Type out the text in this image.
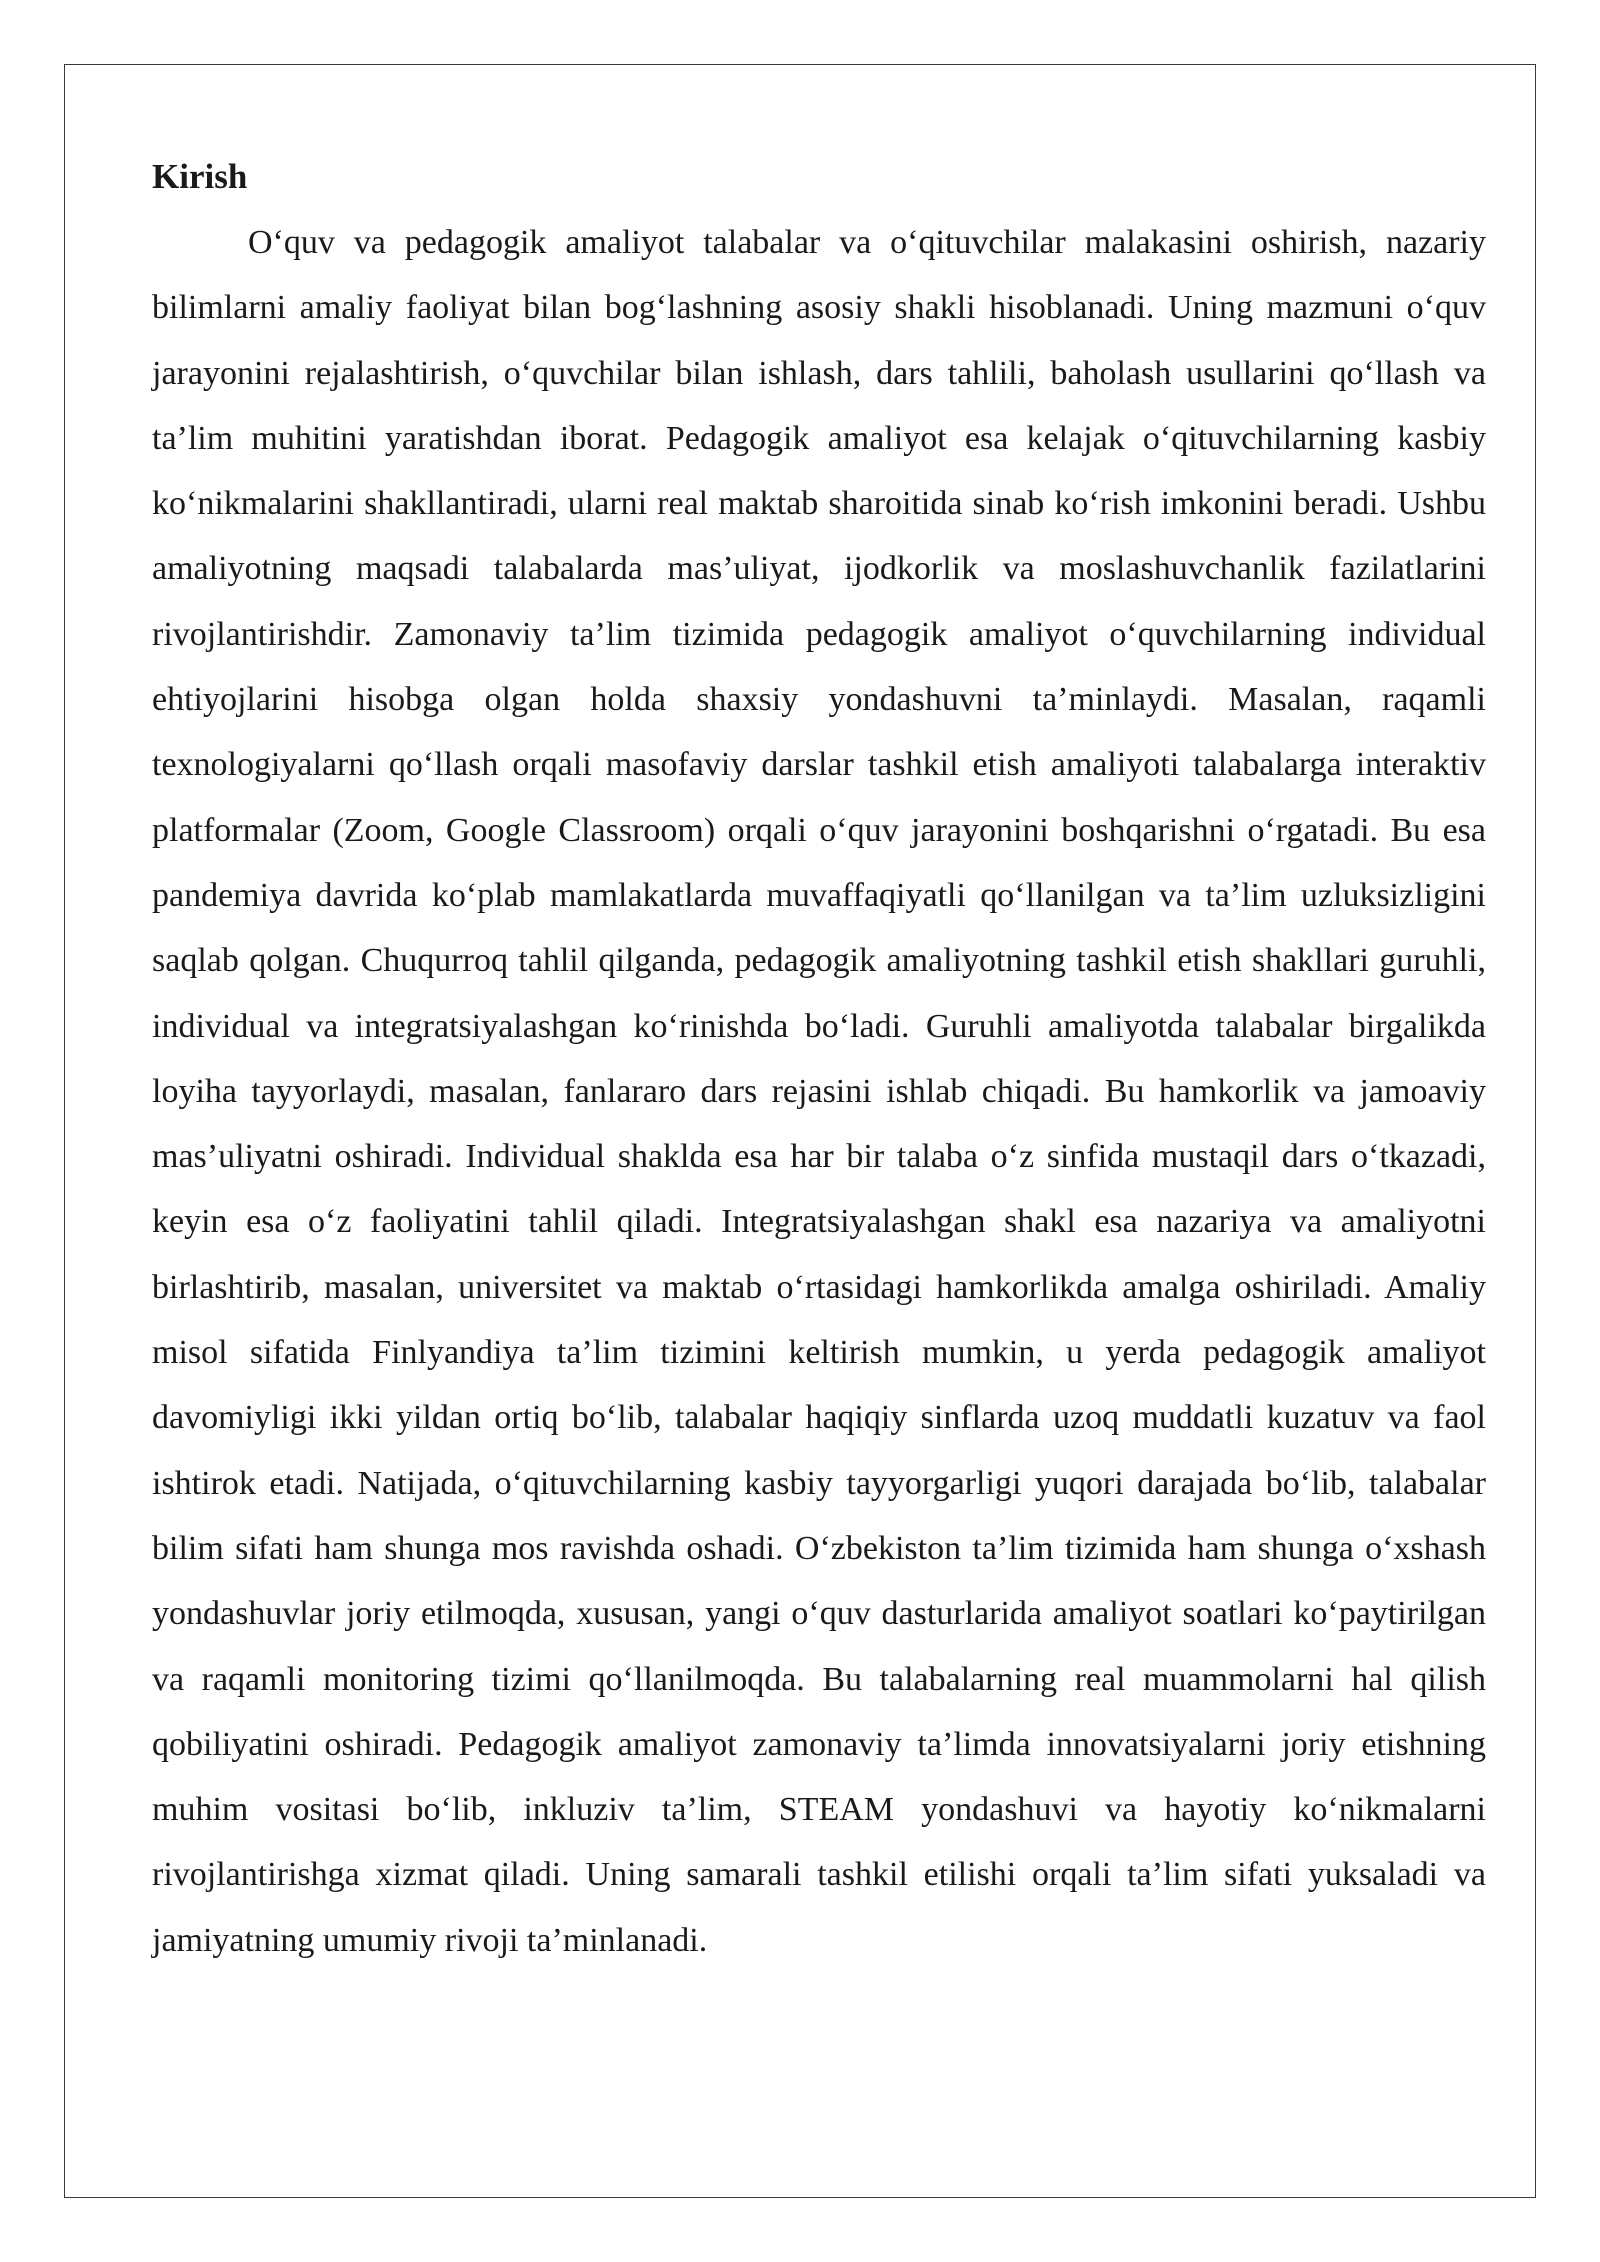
Kirish

O‘quv va pedagogik amaliyot talabalar va o‘qituvchilar malakasini oshirish, nazariy bilimlarni amaliy faoliyat bilan bog‘lashning asosiy shakli hisoblanadi. Uning mazmuni o‘quv jarayonini rejalashtirish, o‘quvchilar bilan ishlash, dars tahlili, baholash usullarini qo‘llash va ta’lim muhitini yaratishdan iborat. Pedagogik amaliyot esa kelajak o‘qituvchilarning kasbiy ko‘nikmalarini shakllantiradi, ularni real maktab sharoitida sinab ko‘rish imkonini beradi. Ushbu amaliyotning maqsadi talabalarda mas’uliyat, ijodkorlik va moslashuvchanlik fazilatlarini rivojlantirishdir. Zamonaviy ta’lim tizimida pedagogik amaliyot o‘quvchilarning individual ehtiyojlarini hisobga olgan holda shaxsiy yondashuvni ta’minlaydi. Masalan, raqamli texnologiyalarni qo‘llash orqali masofaviy darslar tashkil etish amaliyoti talabalarga interaktiv platformalar (Zoom, Google Classroom) orqali o‘quv jarayonini boshqarishni o‘rgatadi. Bu esa pandemiya davrida ko‘plab mamlakatlarda muvaffaqiyatli qo‘llanilgan va ta’lim uzluksizligini saqlab qolgan. Chuqurroq tahlil qilganda, pedagogik amaliyotning tashkil etish shakllari guruhli, individual va integratsiyalashgan ko‘rinishda bo‘ladi. Guruhli amaliyotda talabalar birgalikda loyiha tayyorlaydi, masalan, fanlararo dars rejasini ishlab chiqadi. Bu hamkorlik va jamoaviy mas’uliyatni oshiradi. Individual shaklda esa har bir talaba o‘z sinfida mustaqil dars o‘tkazadi, keyin esa o‘z faoliyatini tahlil qiladi. Integratsiyalashgan shakl esa nazariya va amaliyotni birlashtirib, masalan, universitet va maktab o‘rtasidagi hamkorlikda amalga oshiriladi. Amaliy misol sifatida Finlyandiya ta’lim tizimini keltirish mumkin, u yerda pedagogik amaliyot davomiyligi ikki yildan ortiq bo‘lib, talabalar haqiqiy sinflarda uzoq muddatli kuzatuv va faol ishtirok etadi. Natijada, o‘qituvchilarning kasbiy tayyorgarligi yuqori darajada bo‘lib, talabalar bilim sifati ham shunga mos ravishda oshadi. O‘zbekiston ta’lim tizimida ham shunga o‘xshash yondashuvlar joriy etilmoqda, xususan, yangi o‘quv dasturlarida amaliyot soatlari ko‘paytirilgan va raqamli monitoring tizimi qo‘llanilmoqda. Bu talabalarning real muammolarni hal qilish qobiliyatini oshiradi. Pedagogik amaliyot zamonaviy ta’limda innovatsiyalarni joriy etishning muhim vositasi bo‘lib, inkluziv ta’lim, STEAM yondashuvi va hayotiy ko‘nikmalarni rivojlantirishga xizmat qiladi. Uning samarali tashkil etilishi orqali ta’lim sifati yuksaladi va jamiyatning umumiy rivoji ta’minlanadi.
